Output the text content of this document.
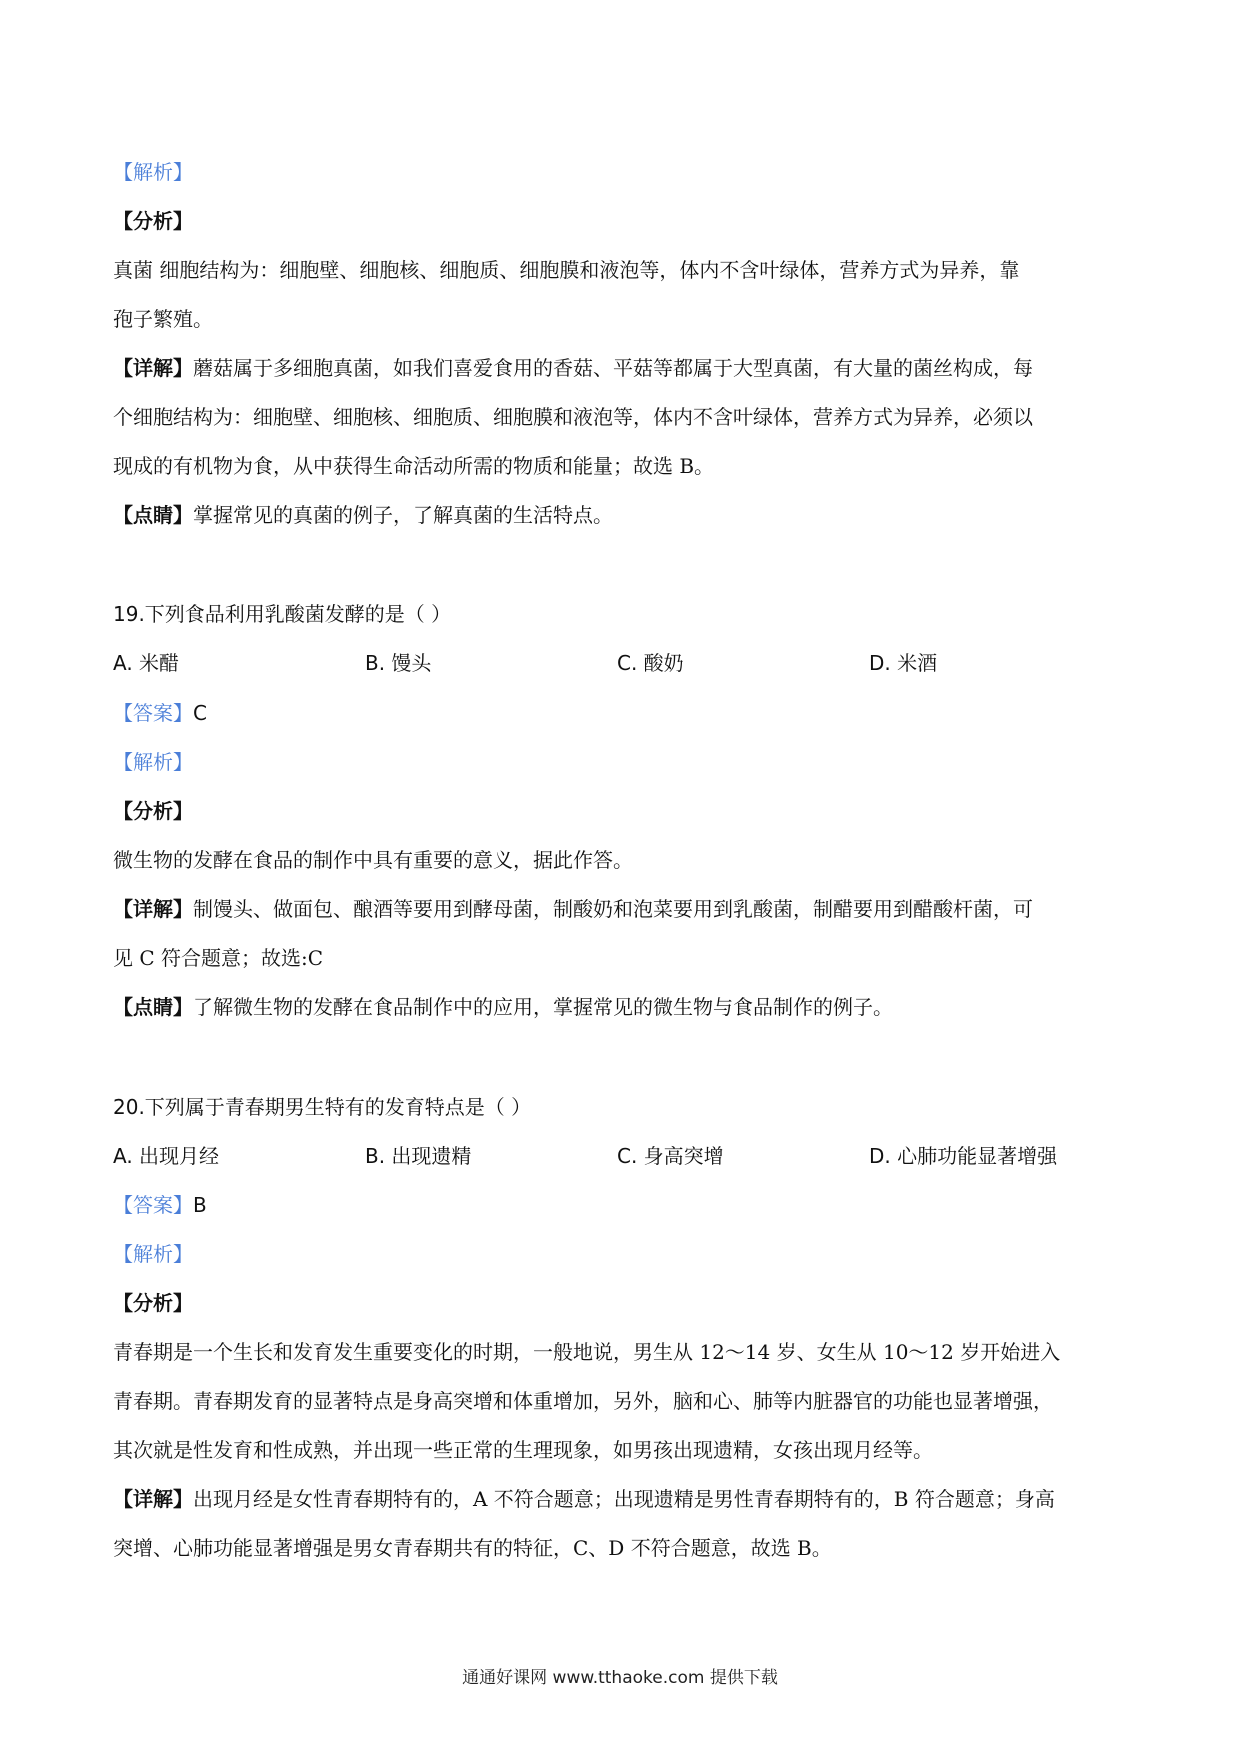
【解析】

【分析】

真菌 细胞结构为：细胞壁、细胞核、细胞质、细胞膜和液泡等，体内不含叶绿体，营养方式为异养，靠

孢子繁殖。

【详解】蘑菇属于多细胞真菌，如我们喜爱食用的香菇、平菇等都属于大型真菌，有大量的菌丝构成，每

个细胞结构为：细胞壁、细胞核、细胞质、细胞膜和液泡等，体内不含叶绿体，营养方式为异养，必须以

现成的有机物为食，从中获得生命活动所需的物质和能量；故选 B。

【点睛】掌握常见的真菌的例子，了解真菌的生活特点。

19.下列食品利用乳酸菌发酵的是（ ）

A. 米醋	B. 馒头	C. 酸奶	D. 米酒

【答案】C

【解析】

【分析】

微生物的发酵在食品的制作中具有重要的意义，据此作答。

【详解】制馒头、做面包、酿酒等要用到酵母菌，制酸奶和泡菜要用到乳酸菌，制醋要用到醋酸杆菌，可

见 C 符合题意；故选:C

【点睛】了解微生物的发酵在食品制作中的应用，掌握常见的微生物与食品制作的例子。

20.下列属于青春期男生特有的发育特点是（ ）

A. 出现月经	B. 出现遗精	C. 身高突增	D. 心肺功能显著增强

【答案】B

【解析】

【分析】

青春期是一个生长和发育发生重要变化的时期，一般地说，男生从 12～14 岁、女生从 10～12 岁开始进入

青春期。青春期发育的显著特点是身高突增和体重增加，另外，脑和心、肺等内脏器官的功能也显著增强，

其次就是性发育和性成熟，并出现一些正常的生理现象，如男孩出现遗精，女孩出现月经等。

【详解】出现月经是女性青春期特有的，A 不符合题意；出现遗精是男性青春期特有的，B 符合题意；身高

突增、心肺功能显著增强是男女青春期共有的特征，C、D 不符合题意，故选 B。

通通好课网 www.tthaoke.com 提供下载
